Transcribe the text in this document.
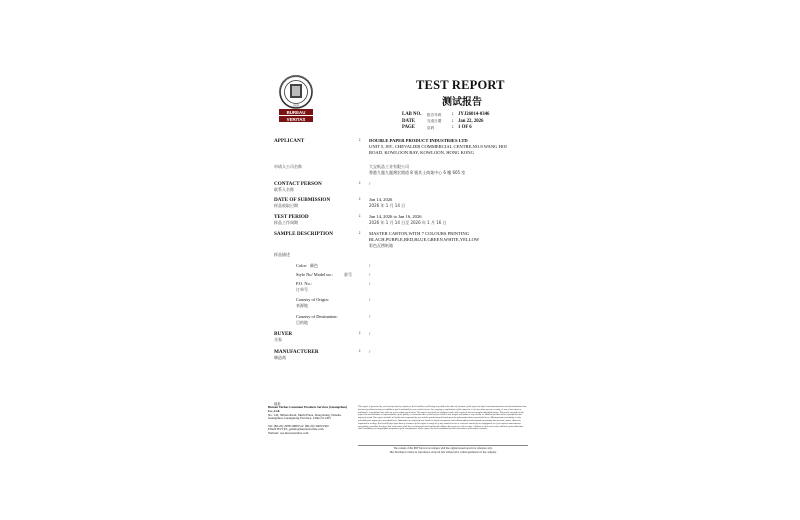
BUREAU
VERITAS
1828
TEST REPORT
测试报告
LAB NO. 报告号码 : JYJ26014-0346
DATE	完成日期 : Jan 22, 2026
PAGE	页码	: 1 OF 6
APPLICANT	: DOUBLE PAPER PRODUCT INDUSTRIES LTD
UNIT 5, 8/F., CHEVALIER COMMERCIAL CENTRE,NO.8 WANG HOI ROAD, KOWLOON BAY, KOWLOON, HONG KONG
申请人公司名称	大宝纸品工业有限公司
香港九龍九龍灣宏開道 8 號其士商業中心 6 樓 605 室
CONTACT PERSON	: /
联系人名称
DATE OF SUBMISSION	: Jan 14, 2026
样品收取日期	2026 年 1 月 14 日
TEST PERIOD	: Jan 14, 2026 to Jan 16, 2026
样品工作周期	2026 年 1 月 14 日至 2026 年 1 月 16 日
SAMPLE DESCRIPTION	: MASTER CARTON,WITH 7 COLOURS PRINTING BLACH,PURPLE,RED,BLUE,GREEN,WHITE,YELLOW
彩色瓦楞纸箱
样品描述
Color: 颜色	/
Style No/ Model no.:	款号	/
P.O. No.:
订单号
/
Country of Origin:
来源地
/
Country of Destination:
目的地
/
BUYER	: /
买家
MANUFACTURER	: /
制造商
地址
Bureau Veritas Consumer Products Services (Guangzhou) Co., Ltd.
No. 143, Shinan Road, Meibi Plaza, Dongchong, Nansha, Guangzhou, Guangdong Province, China 511453
Tel: (86-20) 2288 2988 Fax: (86-20) 3469 9302
Email: BVCPS_gzinfo@bureauveritas.com
Website: cps.bureauveritas.com
This report is governed by, and incorporates by reference, the Conditions of Testing as posted at the date of issuance of this report at http://www.bureauveritas.com/home/about-us/our-business/cps/about-us/terms-conditions and is intended for your exclusive use. Any copying or replication of this report to or for any other person or entity, or use of our name or trademark, is permitted only with our prior written permission. This report sets forth our findings solely with respect to the test samples identified herein. The results set forth in this report are not indicative or representative of the quality or characteristics of the lot from which a test sample was taken or any similar or identical product unless specifically and expressly noted. Our report includes all of the tests requested by you and the results thereof based upon the information that you provided to us. Measurement uncertainty is only provided upon request for accredited tests. Statements of conformity are based on simple acceptance rule without taking measurement uncertainty into account, unless otherwise requested in writing. You have 60 days from date of issuance of this report to notify us of any material error or omission caused by our negligence or if you require measurement uncertainty; provided, however, that such notice shall be in writing and shall specifically address the issue you wish to raise. A failure to raise such issue within the prescribed time shall constitute your unqualified acceptance of the completeness of this report, the tests conducted and the correctness of the report contents.
The content of this PDF file is in accordance with the original issued reports for reference only.
This Test Report cannot be reproduced, except in full, without prior written permission of the company.
